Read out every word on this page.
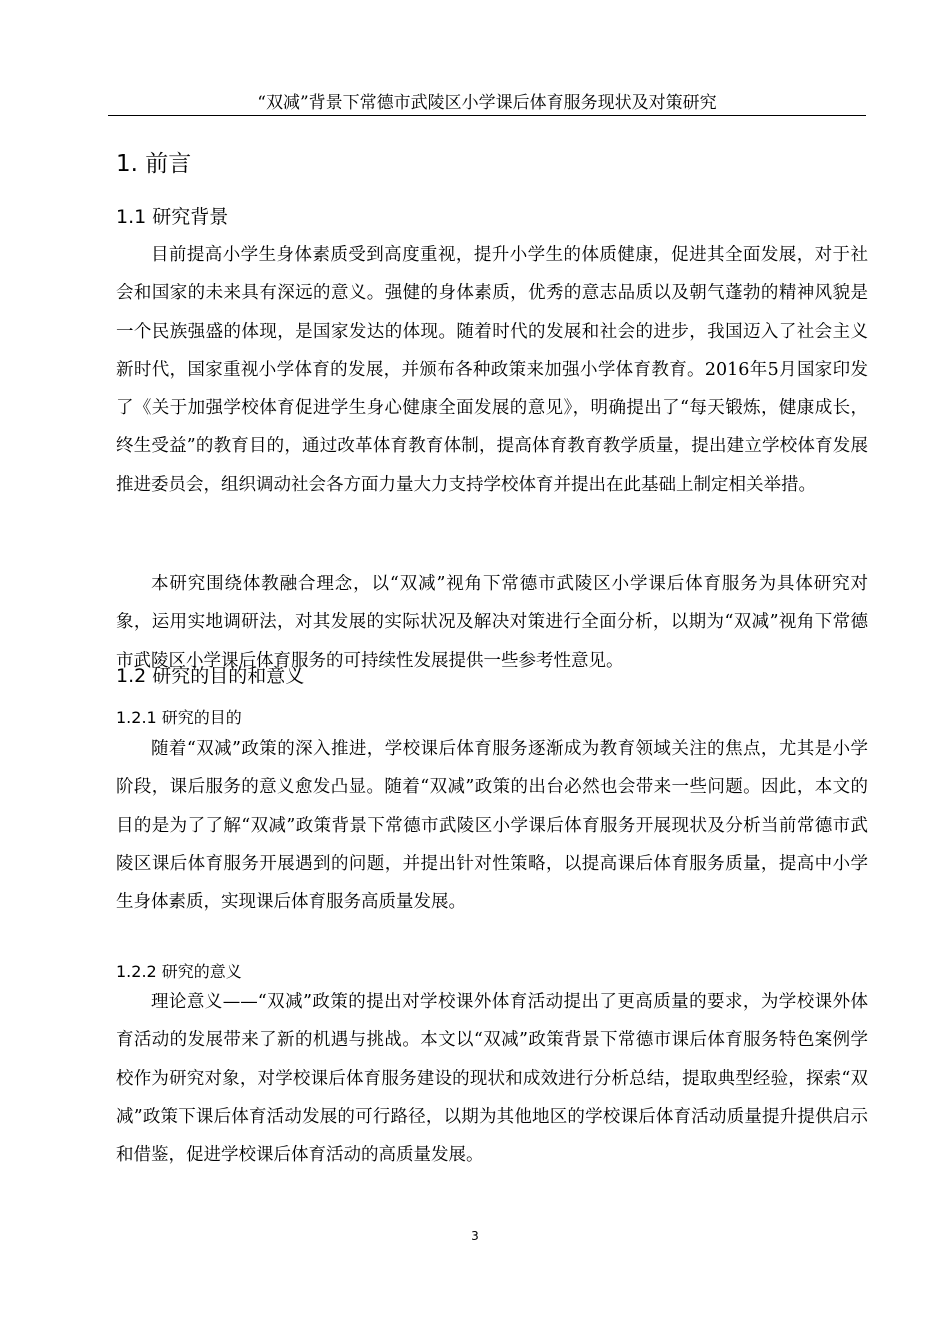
“双减”背景下常德市武陵区小学课后体育服务现状及对策研究
1. 前言
1.1 研究背景

目前提高小学生身体素质受到高度重视，提升小学生的体质健康，促进其全面发展，对于社会和国家的未来具有深远的意义。强健的身体素质，优秀的意志品质以及朝气蓬勃的精神风貌是一个民族强盛的体现，是国家发达的体现。随着时代的发展和社会的进步，我国迈入了社会主义新时代，国家重视小学体育的发展，并颁布各种政策来加强小学体育教育。2016年5月国家印发了《关于加强学校体育促进学生身心健康全面发展的意见》，明确提出了“每天锻炼，健康成长，终生受益”的教育目的，通过改革体育教育体制，提高体育教育教学质量，提出建立学校体育发展推进委员会，组织调动社会各方面力量大力支持学校体育并提出在此基础上制定相关举措。

本研究围绕体教融合理念，以“双减”视角下常德市武陵区小学课后体育服务为具体研究对象，运用实地调研法，对其发展的实际状况及解决对策进行全面分析，以期为“双减”视角下常德市武陵区小学课后体育服务的可持续性发展提供一些参考性意见。

1.2 研究的目的和意义
1.2.1 研究的目的

随着“双减”政策的深入推进，学校课后体育服务逐渐成为教育领域关注的焦点，尤其是小学阶段，课后服务的意义愈发凸显。随着“双减”政策的出台必然也会带来一些问题。因此，本文的目的是为了了解“双减”政策背景下常德市武陵区小学课后体育服务开展现状及分析当前常德市武陵区课后体育服务开展遇到的问题，并提出针对性策略，以提高课后体育服务质量，提高中小学生身体素质，实现课后体育服务高质量发展。

1.2.2 研究的意义

理论意义——“双减”政策的提出对学校课外体育活动提出了更高质量的要求，为学校课外体育活动的发展带来了新的机遇与挑战。本文以“双减”政策背景下常德市课后体育服务特色案例学校作为研究对象，对学校课后体育服务建设的现状和成效进行分析总结，提取典型经验，探索“双减”政策下课后体育活动发展的可行路径，以期为其他地区的学校课后体育活动质量提升提供启示和借鉴，促进学校课后体育活动的高质量发展。

3
